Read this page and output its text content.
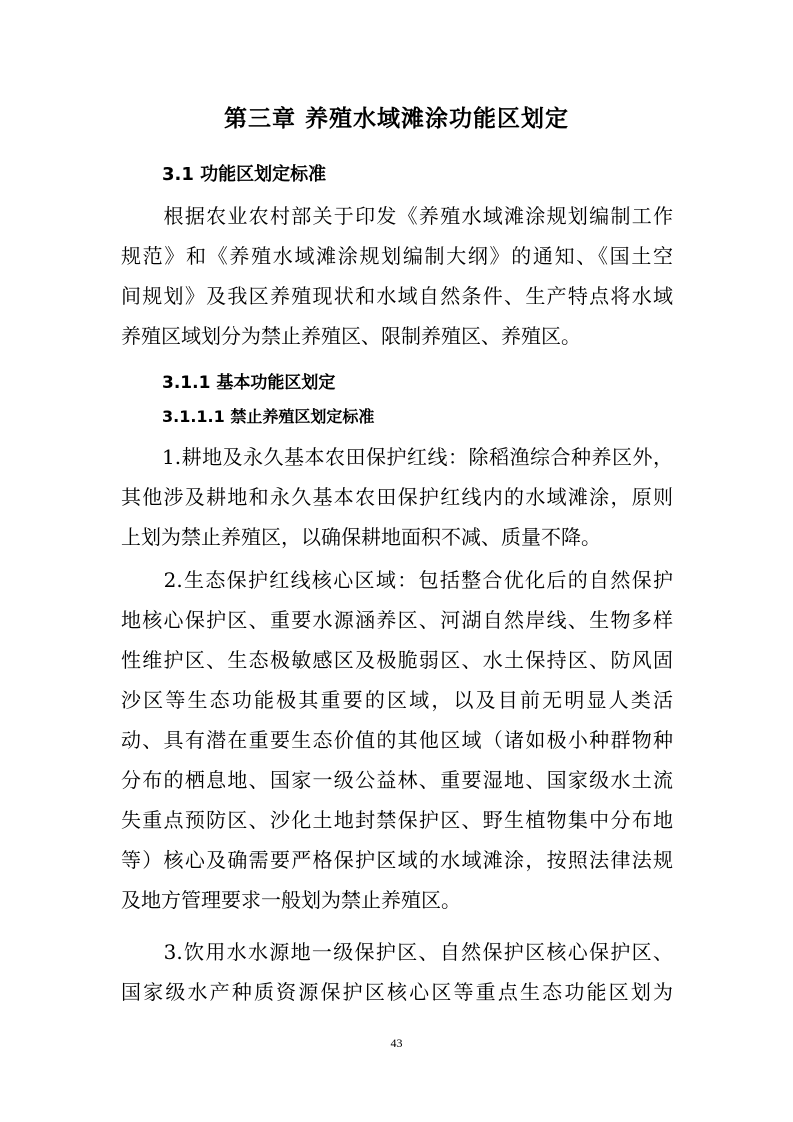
第三章 养殖水域滩涂功能区划定
3.1 功能区划定标准
　　根据农业农村部关于印发《养殖水域滩涂规划编制工作
规范》和《养殖水域滩涂规划编制大纲》的通知、《国土空
间规划》及我区养殖现状和水域自然条件、生产特点将水域
养殖区域划分为禁止养殖区、限制养殖区、养殖区。
3.1.1 基本功能区划定
3.1.1.1 禁止养殖区划定标准
　　1.耕地及永久基本农田保护红线：除稻渔综合种养区外，
其他涉及耕地和永久基本农田保护红线内的水域滩涂，原则
上划为禁止养殖区，以确保耕地面积不减、质量不降。
　　2.生态保护红线核心区域：包括整合优化后的自然保护
地核心保护区、重要水源涵养区、河湖自然岸线、生物多样
性维护区、生态极敏感区及极脆弱区、水土保持区、防风固
沙区等生态功能极其重要的区域，以及目前无明显人类活
动、具有潜在重要生态价值的其他区域（诸如极小种群物种
分布的栖息地、国家一级公益林、重要湿地、国家级水土流
失重点预防区、沙化土地封禁保护区、野生植物集中分布地
等）核心及确需要严格保护区域的水域滩涂，按照法律法规
及地方管理要求一般划为禁止养殖区。
　　3.饮用水水源地一级保护区、自然保护区核心保护区、
国家级水产种质资源保护区核心区等重点生态功能区划为
43
